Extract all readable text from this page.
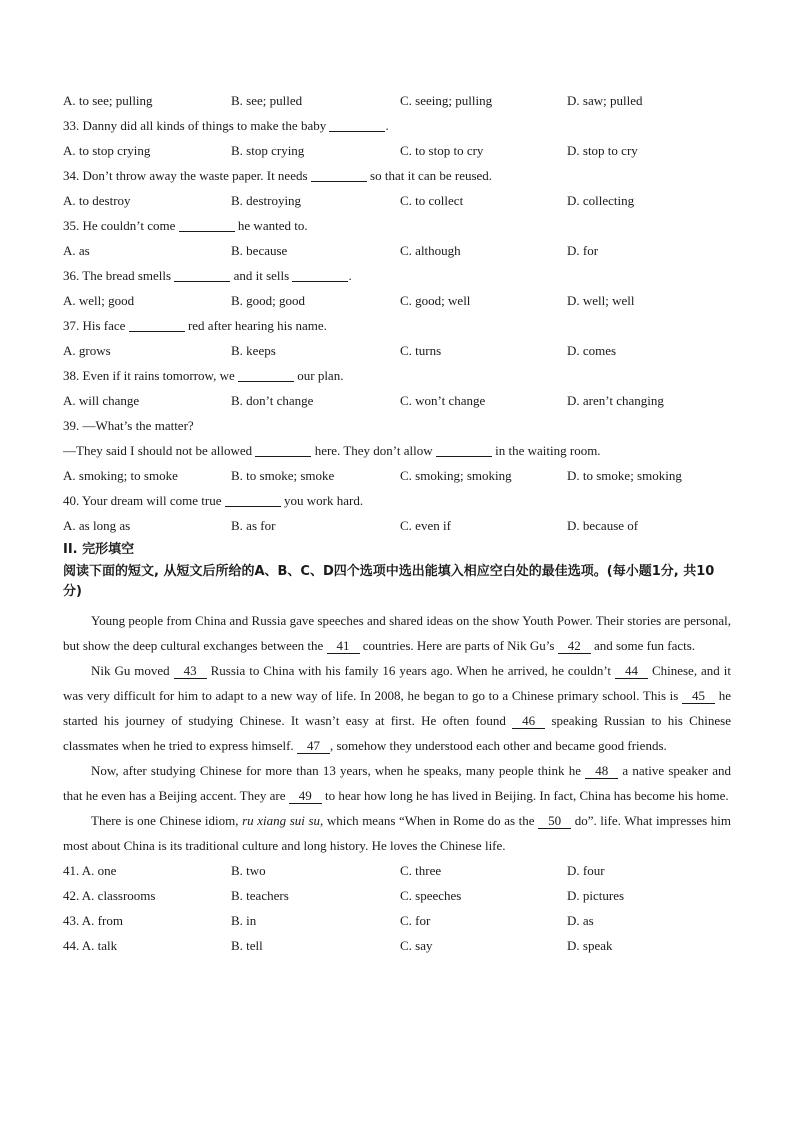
A. to see; pulling	B. see; pulled	C. seeing; pulling	D. saw; pulled
33. Danny did all kinds of things to make the baby	.
A. to stop crying	B. stop crying	C. to stop to cry	D. stop to cry
34. Don’t throw away the waste paper. It needs	so that it can be reused.
A. to destroy	B. destroying	C. to collect	D. collecting
35. He couldn’t come	he wanted to.
A. as	B. because	C. although	D. for
36. The bread smells	and it sells	.
A. well; good	B. good; good	C. good; well	D. well; well
37. His face	red after hearing his name.
A. grows	B. keeps	C. turns	D. comes
38. Even if it rains tomorrow, we	our plan.
A. will change	B. don’t change	C. won’t change	D. aren’t changing
39. —What’s the matter?
—They said I should not be allowed	here. They don’t allow	in the waiting room.
A. smoking; to smoke	B. to smoke; smoke	C. smoking; smoking	D. to smoke; smoking
40. Your dream will come true	you work hard.
A. as long as	B. as for	C. even if	D. because of
II. 完形填空
阅读下面的短文, 从短文后所给的A、B、C、D四个选项中选出能填入相应空白处的最佳选项。(每小题1分, 共10分)

Young people from China and Russia gave speeches and shared ideas on the show Youth Power. Their stories are personal, but show the deep cultural exchanges between the 41 countries. Here are parts of Nik Gu’s 42 and some fun facts.

Nik Gu moved 43 Russia to China with his family 16 years ago. When he arrived, he couldn’t 44 Chinese, and it was very difficult for him to adapt to a new way of life. In 2008, he began to go to a Chinese primary school. This is 45 he started his journey of studying Chinese. It wasn’t easy at first. He often found 46 speaking Russian to his Chinese classmates when he tried to express himself. 47 , somehow they understood each other and became good friends.

Now, after studying Chinese for more than 13 years, when he speaks, many people think he 48 a native speaker and that he even has a Beijing accent. They are 49 to hear how long he has lived in Beijing. In fact, China has become his home.

There is one Chinese idiom, ru xiang sui su, which means “When in Rome do as the 50 do”. life. What impresses him most about China is its traditional culture and long history. He loves the Chinese life.

41. A. one	B. two	C. three	D. four
42. A. classrooms	B. teachers	C. speeches	D. pictures
43. A. from	B. in	C. for	D. as
44. A. talk	B. tell	C. say	D. speak
